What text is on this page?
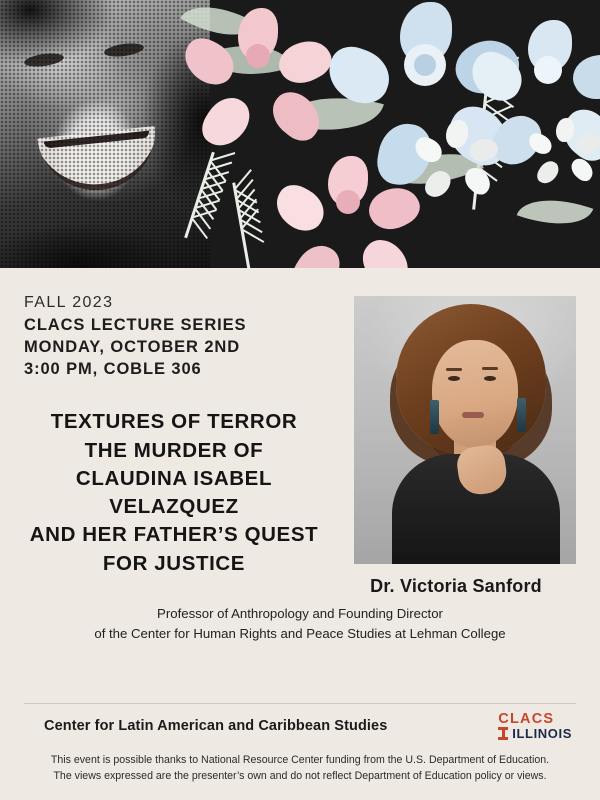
FALL 2023
CLACS LECTURE SERIES
MONDAY, OCTOBER 2ND
3:00 PM, COBLE 306
TEXTURES OF TERROR
THE MURDER OF
CLAUDINA ISABEL
VELAZQUEZ
AND HER FATHER’S QUEST
FOR JUSTICE
Dr. Victoria Sanford
Professor of Anthropology and Founding Director
of the Center for Human Rights and Peace Studies at Lehman College
Center for Latin American and Caribbean Studies	CLACS
ILLINOIS
This event is possible thanks to National Resource Center funding from the U.S. Department of Education.
The views expressed are the presenter’s own and do not reflect Department of Education policy or views.
